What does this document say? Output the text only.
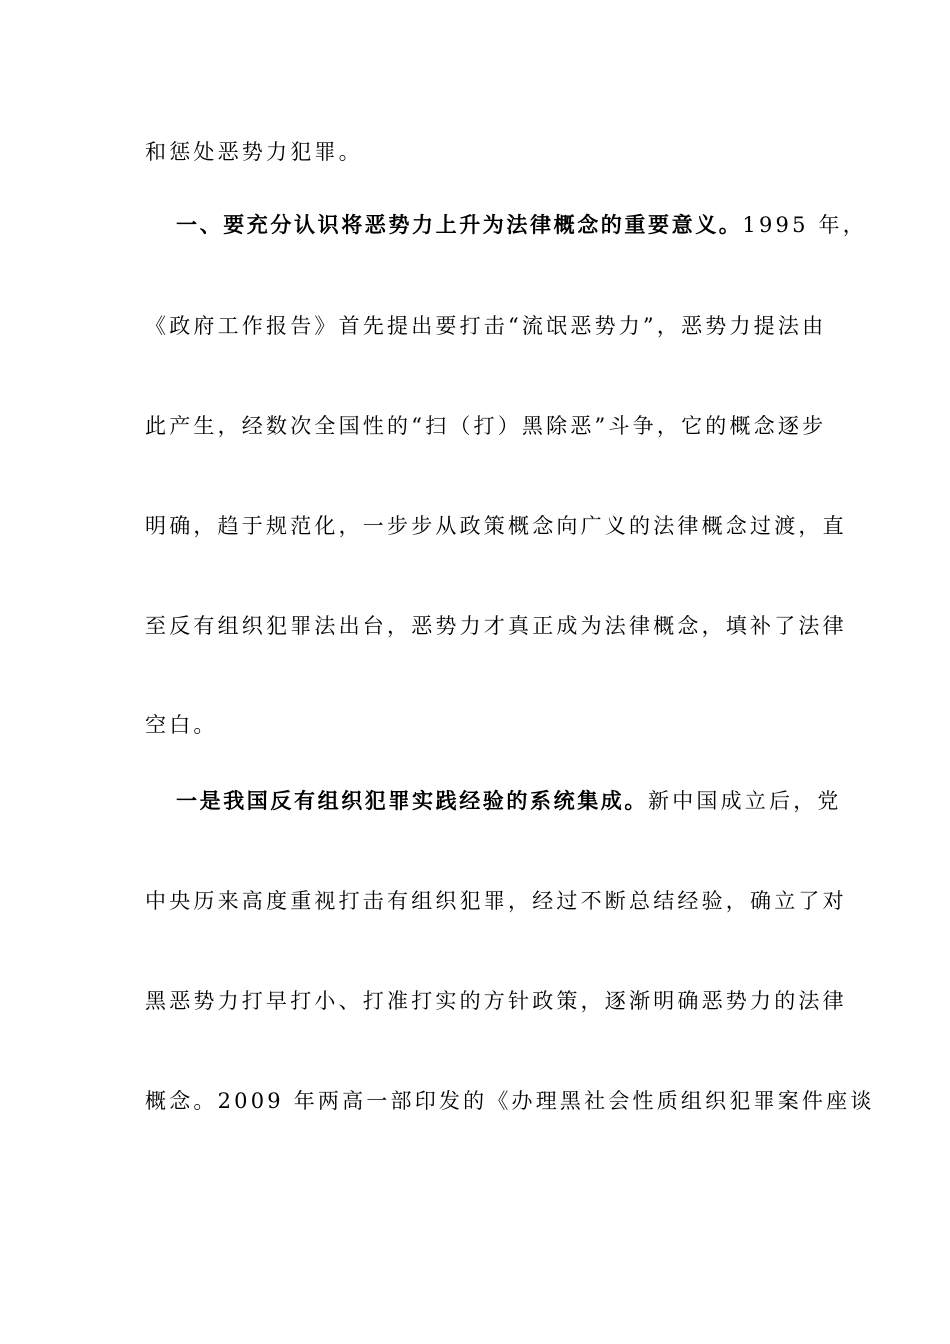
和惩处恶势力犯罪。
一、要充分认识将恶势力上升为法律概念的重要意义。1995 年，
《政府工作报告》首先提出要打击“流氓恶势力”，恶势力提法由
此产生，经数次全国性的“扫（打）黑除恶”斗争，它的概念逐步
明确，趋于规范化，一步步从政策概念向广义的法律概念过渡，直
至反有组织犯罪法出台，恶势力才真正成为法律概念，填补了法律
空白。
一是我国反有组织犯罪实践经验的系统集成。新中国成立后，党
中央历来高度重视打击有组织犯罪，经过不断总结经验，确立了对
黑恶势力打早打小、打准打实的方针政策，逐渐明确恶势力的法律
概念。2009 年两高一部印发的《办理黑社会性质组织犯罪案件座谈
